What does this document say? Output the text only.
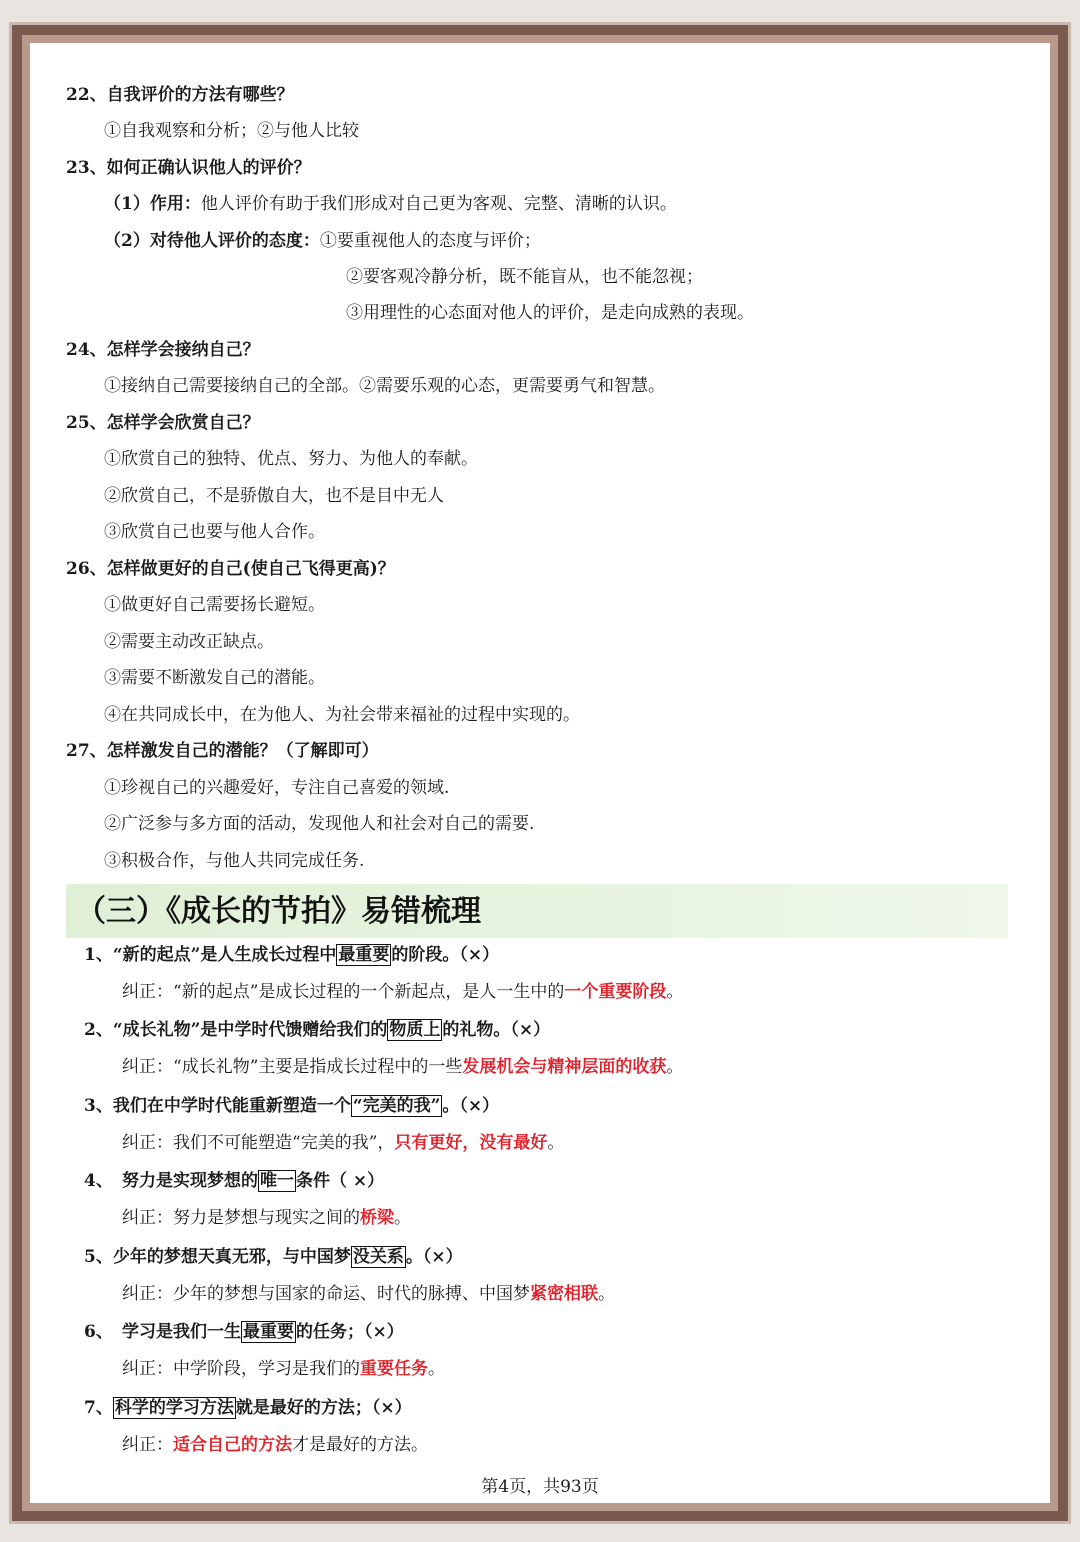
22、自我评价的方法有哪些？
①自我观察和分析；②与他人比较
23、如何正确认识他人的评价？
（1）作用：他人评价有助于我们形成对自己更为客观、完整、清晰的认识。
（2）对待他人评价的态度：①要重视他人的态度与评价；
②要客观冷静分析，既不能盲从，也不能忽视；
③用理性的心态面对他人的评价，是走向成熟的表现。
24、怎样学会接纳自己？
①接纳自己需要接纳自己的全部。②需要乐观的心态，更需要勇气和智慧。
25、怎样学会欣赏自己？
①欣赏自己的独特、优点、努力、为他人的奉献。
②欣赏自己，不是骄傲自大，也不是目中无人
③欣赏自己也要与他人合作。
26、怎样做更好的自己(使自己飞得更高)？
①做更好自己需要扬长避短。
②需要主动改正缺点。
③需要不断激发自己的潜能。
④在共同成长中，在为他人、为社会带来福祉的过程中实现的。
27、怎样激发自己的潜能？（了解即可）
①珍视自己的兴趣爱好，专注自己喜爱的领域.
②广泛参与多方面的活动，发现他人和社会对自己的需要.
③积极合作，与他人共同完成任务.
（三）《成长的节拍》易错梳理
1、“新的起点”是人生成长过程中 最重要 的阶段。（×）
纠正：“新的起点”是成长过程的一个新起点，是人一生中的一个重要阶段。
2、“成长礼物”是中学时代馈赠给我们的 物质上 的礼物。（×）
纠正：“成长礼物”主要是指成长过程中的一些发展机会与精神层面的收获。
3、我们在中学时代能重新塑造一个 “完美的我” 。（×）
纠正：我们不可能塑造“完美的我”，只有更好，没有最好。
4、 努力是实现梦想的 唯一 条件（ ×）
纠正：努力是梦想与现实之间的桥梁。
5、少年的梦想天真无邪，与中国梦 没关系 。（×）
纠正：少年的梦想与国家的命运、时代的脉搏、中国梦紧密相联。
6、 学习是我们一生 最重要 的任务；（×）
纠正：中学阶段，学习是我们的重要任务。
7、 科学的学习方法 就是最好的方法；（×）
纠正：适合自己的方法才是最好的方法。
第4页，共93页
